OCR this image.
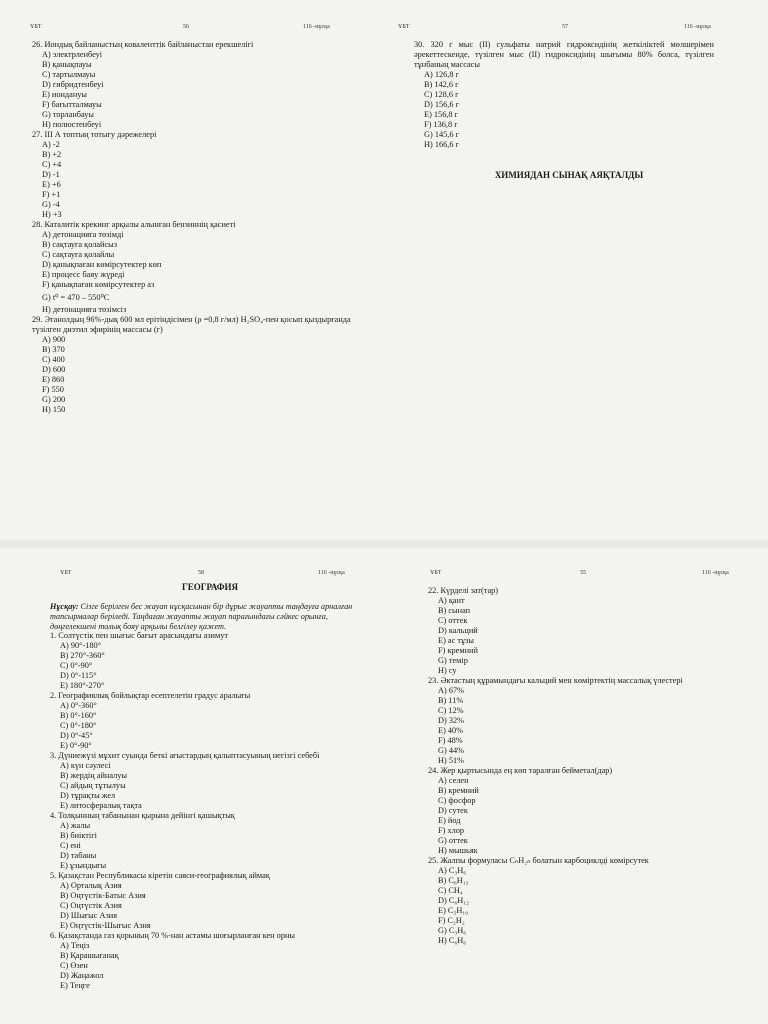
ҰБТ	56	116 -нұсқа
26. Иондық байланыстың коваленттік байланыстан ерекшелігі
А) электрленбеуі
В) қанықпауы
С) тартылмауы
D) гибридтенбеуі
Е) иондануы
F) бағытталмауы
G) торланбауы
Н) полюстенбеуі
27. III А топтың тотығу дәрежелері
А) -2
В) +2
С) +4
D) -1
Е) +6
F) +1
G) -4
Н) +3
28. Каталитік крекинг арқылы алынған бензиннің қасиеті
А) детонацияға төзімді
В) сақтауға қолайсыз
С) сақтауға қолайлы
D) қанықпаған көмірсутектер көп
Е) процесс баяу жүреді
F) қанықпаған көмірсутектер аз
G) t⁰ = 470 – 550⁰С
Н) детонацияға төзімсіз
29. Этанолдың 96%-дық 600 мл ерітіндісімен (ρ =0,8 г/мл) H₂SO₄-пен қосып қыздырғанда түзілген диэтил эфирінің массасы (г)
А) 900
В) 370
С) 400
D) 600
Е) 860
F) 550
G) 200
Н) 150
ҰБТ	57	116 -нұсқа
30. 320 г мыс (II) сульфаты натрий гидроксидінің жеткіліктей мөлшерімен әрекеттескенде, түзілген мыс (II) гидроксидінің шығымы 80% болса, түзілген тұнбаның массасы
А) 126,8 г
В) 142,6 г
С) 128,6 г
D) 156,6 г
Е) 156,8 г
F) 136,8 г
G) 145,6 г
Н) 166,6 г
ХИМИЯДАН СЫНАҚ АЯҚТАЛДЫ
ҰБТ	58	116 -нұсқа
ГЕОГРАФИЯ
Нұсқау: Сізге берілген бес жауап нұсқасынан бір дұрыс жауапты таңдауға арналған тапсырмалар беріледі. Таңдаған жауапты жауап парағындағы сәйкес орынға, дөңгелекшені толық бояу арқылы белгілеу қажет.
1. Солтүстік пен шығыс бағыт арасындағы азимут
А) 90°-180°
В) 270°-360°
С) 0°-90°
D) 0°-115°
Е) 180°-270°
2. Географиялық бойлықтар есептелетін градус аралығы
А) 0°-360°
В) 0°-160°
С) 0°-180°
D) 0°-45°
Е) 0°-90°
3. Дүниежүзі мұхит суында беткі ағыстардың қалыптасуының негізгі себебі
А) күн сәулесі
В) жердің айналуы
С) айдың тұтылуы
D) тұрақты жел
Е) литосфералық тақта
4. Толқынның табанынан қырына дейінгі қашықтық
А) жалы
В) биіктігі
С) ені
D) табаны
Е) ұзындығы
5. Қазақстан Республикасы кіретін саяси-географиялық аймақ
А) Орталық Азия
В) Оңтүстік-Батыс Азия
С) Оңтүстік Азия
D) Шығыс Азия
Е) Оңтүстік-Шығыс Азия
6. Қазақстанда газ қорының 70 %-нан астамы шоғырланған кен орны
А) Теңіз
В) Қарашығанақ
С) Өзен
D) Жаңажол
Е) Теңге
ҰБТ	55	116 -нұсқа
22. Күрделі зат(тар)
А) қант
В) сынап
С) оттек
D) кальций
Е) ас тұзы
F) кремний
G) темір
Н) су
23. Әктастың құрамындағы кальций мен көміртектің массалық үлестері
А) 67%
В) 11%
С) 12%
D) 32%
Е) 40%
F) 48%
G) 44%
Н) 51%
24. Жер қыртысында ең көп таралған бейметал(дар)
А) селен
В) кремний
С) фосфор
D) сутек
Е) йод
F) хлор
G) оттек
Н) мышьяк
25. Жалпы формуласы CₙH₂ₙ болатын карбоциклді көмірсутек
А) C₃H₆
В) C₆H₁₂
С) CH₄
D) C₆H₁₂
Е) C₅H₁₀
F) C₂H₂
G) C₃H₆
Н) C₆H₆
